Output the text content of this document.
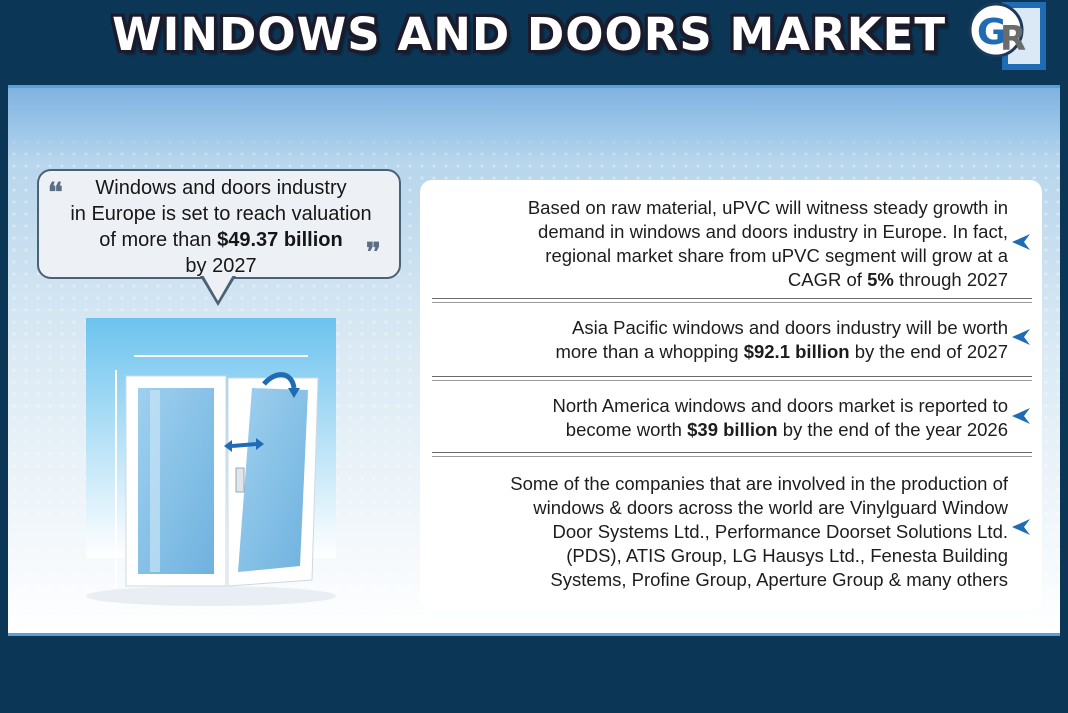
WINDOWS AND DOORS MARKET G
R
Windows and doors industry
in Europe is set to reach valuation
of more than $49.37 billion
by 2027
❛❛
❜❜
Based on raw material, uPVC will witness steady growth in
demand in windows and doors industry in Europe. In fact,
regional market share from uPVC segment will grow at a
CAGR of 5% through 2027
Asia Pacific windows and doors industry will be worth
more than a whopping $92.1 billion by the end of 2027
North America windows and doors market is reported to
become worth $39 billion by the end of the year 2026
Some of the companies that are involved in the production of
windows & doors across the world are Vinylguard Window
Door Systems Ltd., Performance Doorset Solutions Ltd.
(PDS), ATIS Group, LG Hausys Ltd., Fenesta Building
Systems, Profine Group, Aperture Group & many others
